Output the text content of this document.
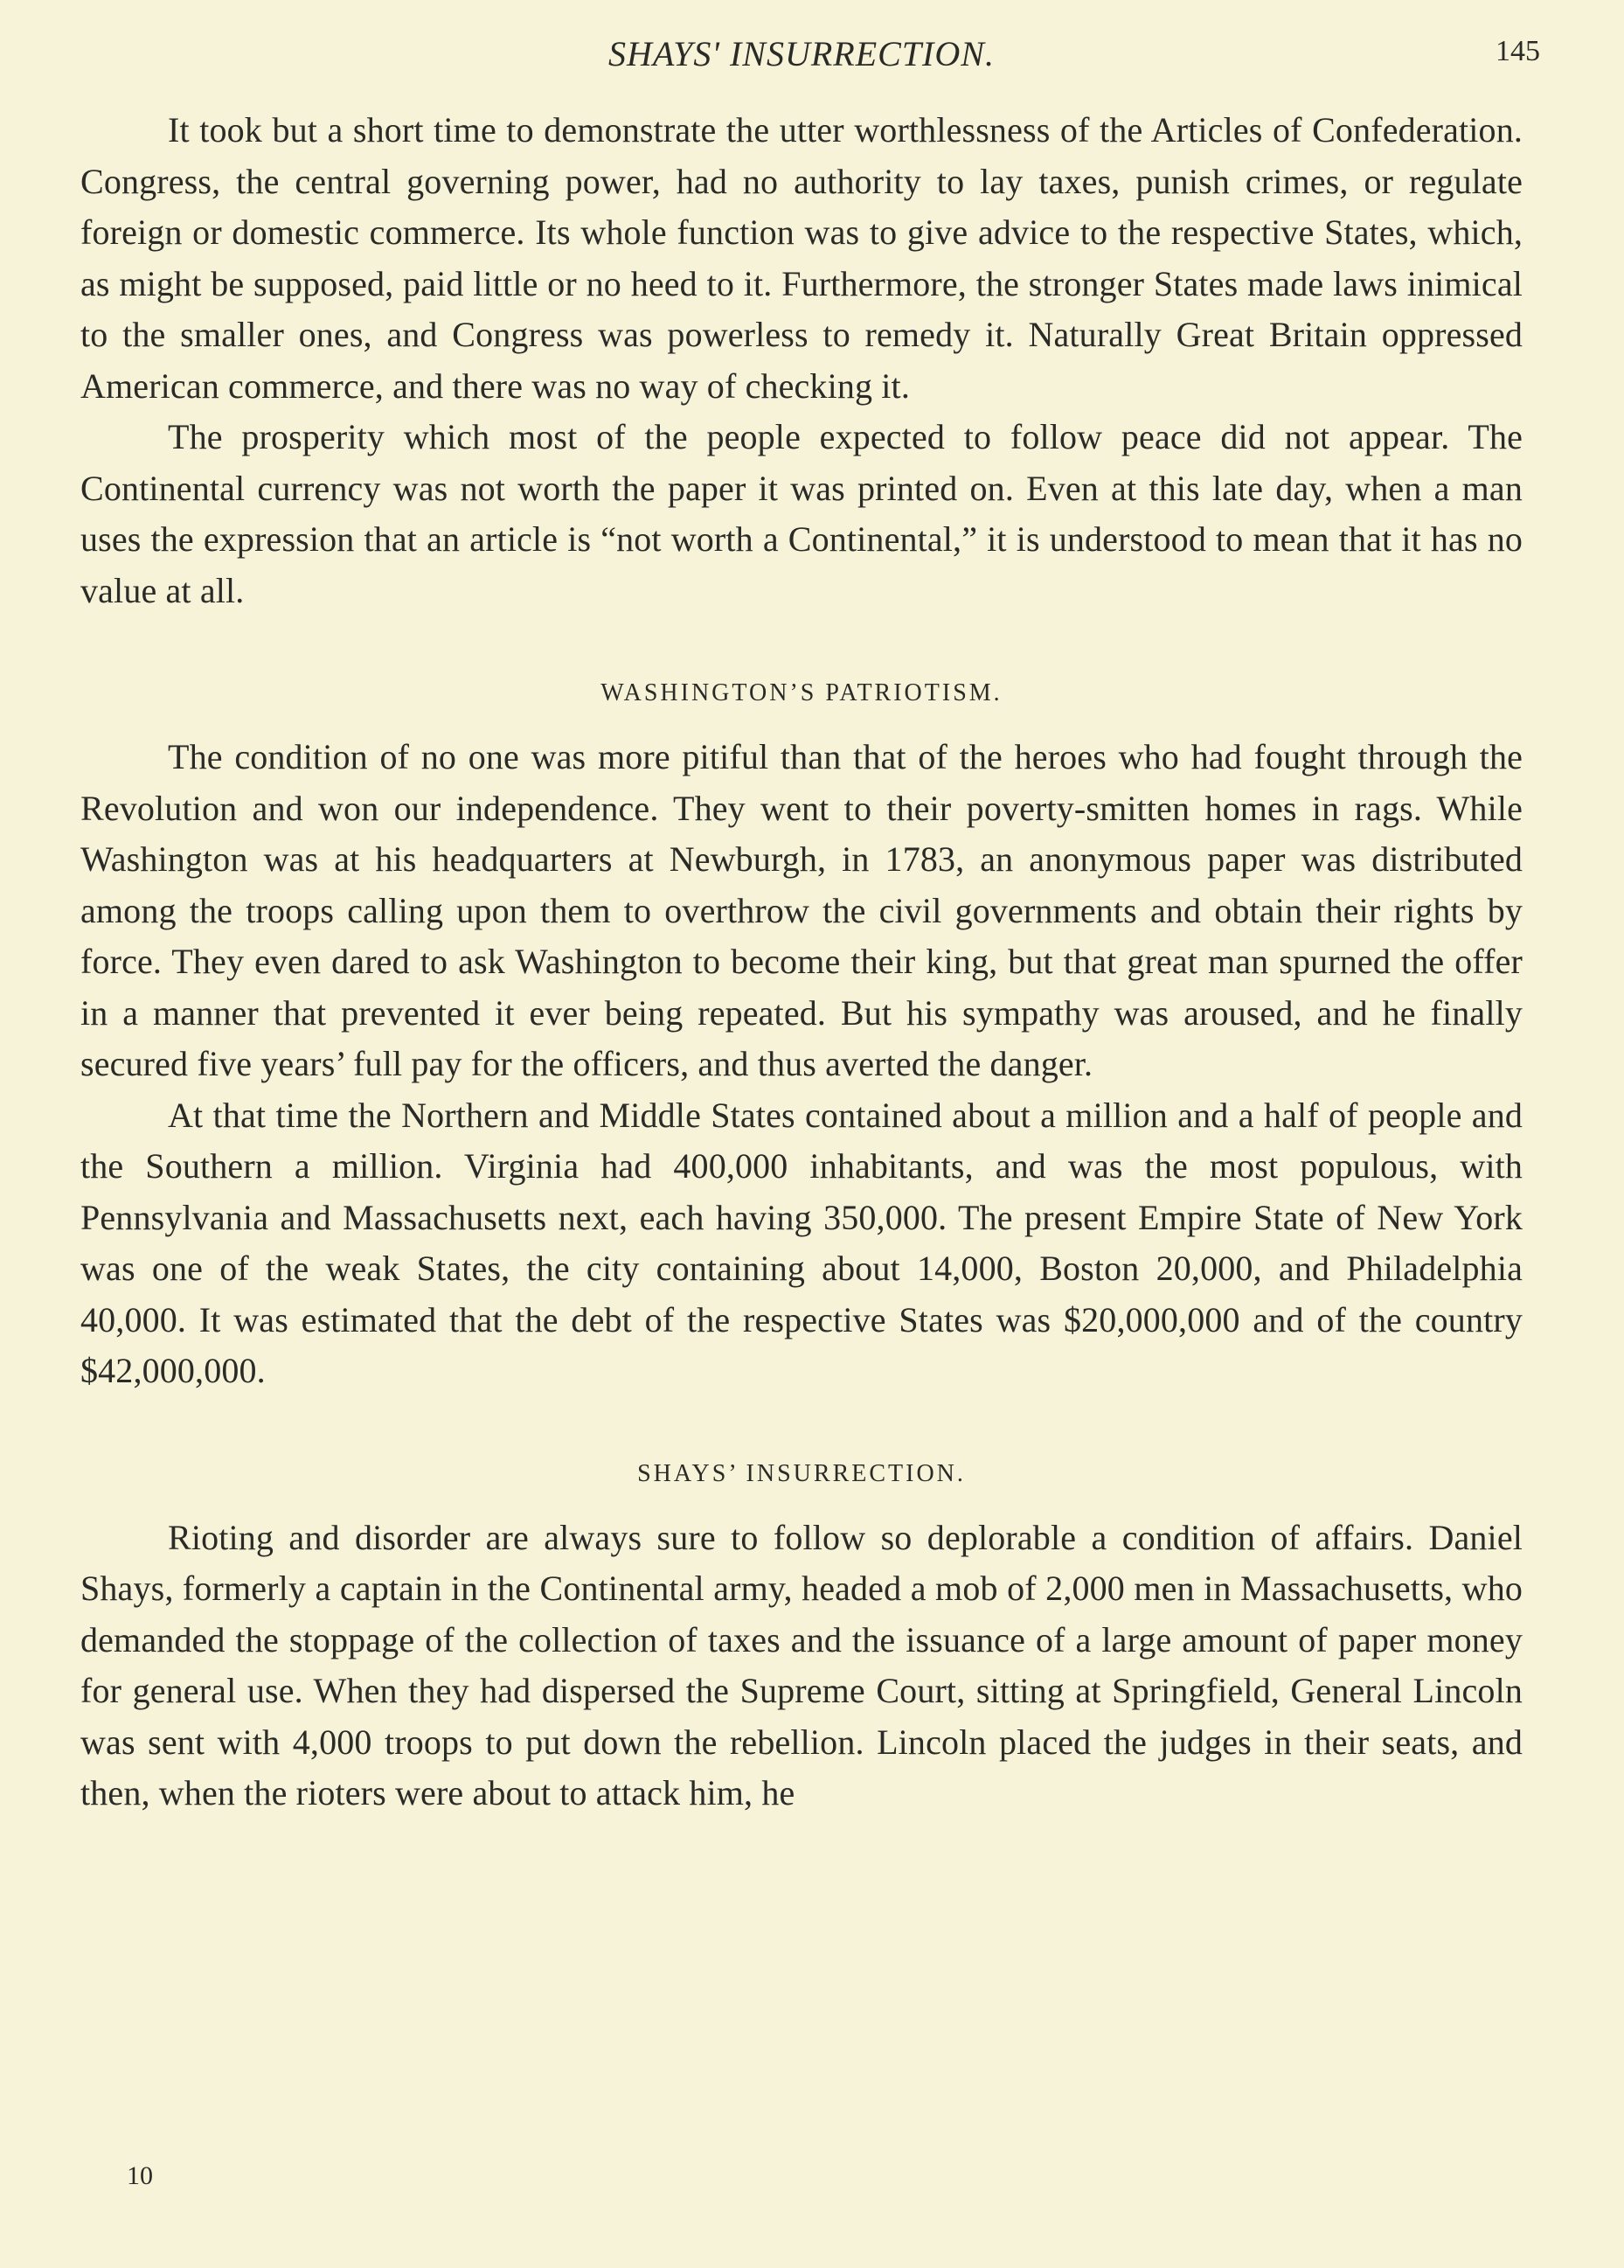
SHAYS' INSURRECTION.	145

It took but a short time to demonstrate the utter worthlessness of the Articles of Confederation. Congress, the central governing power, had no authority to lay taxes, punish crimes, or regulate foreign or domestic commerce. Its whole function was to give advice to the respective States, which, as might be supposed, paid little or no heed to it. Furthermore, the stronger States made laws inimical to the smaller ones, and Congress was powerless to remedy it. Naturally Great Britain oppressed American commerce, and there was no way of checking it.

The prosperity which most of the people expected to follow peace did not appear. The Continental currency was not worth the paper it was printed on. Even at this late day, when a man uses the expression that an article is “not worth a Continental,” it is understood to mean that it has no value at all.

WASHINGTON’S PATRIOTISM.

The condition of no one was more pitiful than that of the heroes who had fought through the Revolution and won our independence. They went to their poverty-smitten homes in rags. While Washington was at his headquarters at Newburgh, in 1783, an anonymous paper was distributed among the troops calling upon them to overthrow the civil governments and obtain their rights by force. They even dared to ask Washington to become their king, but that great man spurned the offer in a manner that prevented it ever being repeated. But his sympathy was aroused, and he finally secured five years’ full pay for the officers, and thus averted the danger.

At that time the Northern and Middle States contained about a million and a half of people and the Southern a million. Virginia had 400,000 inhabitants, and was the most populous, with Pennsylvania and Massachusetts next, each having 350,000. The present Empire State of New York was one of the weak States, the city containing about 14,000, Boston 20,000, and Philadelphia 40,000. It was estimated that the debt of the respective States was $20,000,000 and of the country $42,000,000.

SHAYS’ INSURRECTION.

Rioting and disorder are always sure to follow so deplorable a condition of affairs. Daniel Shays, formerly a captain in the Continental army, headed a mob of 2,000 men in Massachusetts, who demanded the stoppage of the collection of taxes and the issuance of a large amount of paper money for general use. When they had dispersed the Supreme Court, sitting at Springfield, General Lincoln was sent with 4,000 troops to put down the rebellion. Lincoln placed the judges in their seats, and then, when the rioters were about to attack him, he

10
